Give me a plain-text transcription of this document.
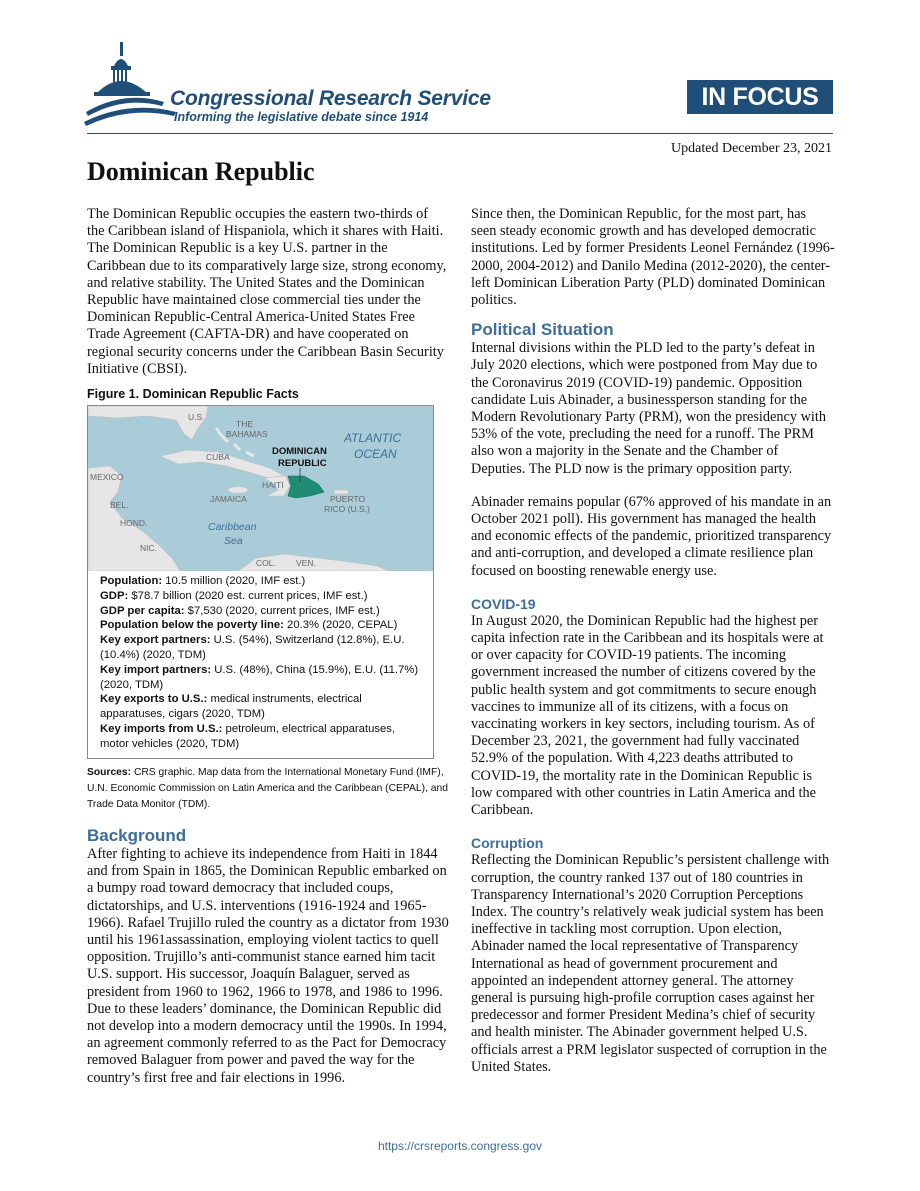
Congressional Research Service
Informing the legislative debate since 1914
IN FOCUS
Updated December 23, 2021
Dominican Republic

The Dominican Republic occupies the eastern two-thirds of the Caribbean island of Hispaniola, which it shares with Haiti. The Dominican Republic is a key U.S. partner in the Caribbean due to its comparatively large size, strong economy, and relative stability. The United States and the Dominican Republic have maintained close commercial ties under the Dominican Republic-Central America-United States Free Trade Agreement (CAFTA-DR) and have cooperated on regional security concerns under the Caribbean Basin Security Initiative (CBSI).

Figure 1. Dominican Republic Facts
U.S.
THE
BAHAMAS	ATLANTIC
OCEAN
DOMINICAN
REPUBLIC
CUBA
MEXICO
HAITI
JAMAICA	PUERTO
RICO (U.S.)
BEL.
HOND.
NIC.
Caribbean
Sea
COL. VEN.
Population: 10.5 million (2020, IMF est.)
GDP: $78.7 billion (2020 est. current prices, IMF est.)
GDP per capita: $7,530 (2020, current prices, IMF est.)
Population below the poverty line: 20.3% (2020, CEPAL)
Key export partners: U.S. (54%), Switzerland (12.8%), E.U. (10.4%) (2020, TDM)
Key import partners: U.S. (48%), China (15.9%), E.U. (11.7%) (2020, TDM)
Key exports to U.S.: medical instruments, electrical apparatuses, cigars (2020, TDM)
Key imports from U.S.: petroleum, electrical apparatuses, motor vehicles (2020, TDM)
Sources: CRS graphic. Map data from the International Monetary Fund (IMF), U.N. Economic Commission on Latin America and the Caribbean (CEPAL), and Trade Data Monitor (TDM).
Background

After fighting to achieve its independence from Haiti in 1844 and from Spain in 1865, the Dominican Republic embarked on a bumpy road toward democracy that included coups, dictatorships, and U.S. interventions (1916-1924 and 1965-1966). Rafael Trujillo ruled the country as a dictator from 1930 until his 1961assassination, employing violent tactics to quell opposition. Trujillo’s anti-communist stance earned him tacit U.S. support. His successor, Joaquín Balaguer, served as president from 1960 to 1962, 1966 to 1978, and 1986 to 1996. Due to these leaders’ dominance, the Dominican Republic did not develop into a modern democracy until the 1990s. In 1994, an agreement commonly referred to as the Pact for Democracy removed Balaguer from power and paved the way for the country’s first free and fair elections in 1996.

Since then, the Dominican Republic, for the most part, has seen steady economic growth and has developed democratic institutions. Led by former Presidents Leonel Fernández (1996-2000, 2004-2012) and Danilo Medina (2012-2020), the center-left Dominican Liberation Party (PLD) dominated Dominican politics.

Political Situation

Internal divisions within the PLD led to the party’s defeat in July 2020 elections, which were postponed from May due to the Coronavirus 2019 (COVID-19) pandemic. Opposition candidate Luis Abinader, a businessperson standing for the Modern Revolutionary Party (PRM), won the presidency with 53% of the vote, precluding the need for a runoff. The PRM also won a majority in the Senate and the Chamber of Deputies. The PLD now is the primary opposition party.

Abinader remains popular (67% approved of his mandate in an October 2021 poll). His government has managed the health and economic effects of the pandemic, prioritized transparency and anti-corruption, and developed a climate resilience plan focused on boosting renewable energy use.

COVID-19

In August 2020, the Dominican Republic had the highest per capita infection rate in the Caribbean and its hospitals were at or over capacity for COVID-19 patients. The incoming government increased the number of citizens covered by the public health system and got commitments to secure enough vaccines to immunize all of its citizens, with a focus on vaccinating workers in key sectors, including tourism. As of December 23, 2021, the government had fully vaccinated 52.9% of the population. With 4,223 deaths attributed to COVID-19, the mortality rate in the Dominican Republic is low compared with other countries in Latin America and the Caribbean.

Corruption

Reflecting the Dominican Republic’s persistent challenge with corruption, the country ranked 137 out of 180 countries in Transparency International’s 2020 Corruption Perceptions Index. The country’s relatively weak judicial system has been ineffective in tackling most corruption. Upon election, Abinader named the local representative of Transparency International as head of government procurement and appointed an independent attorney general. The attorney general is pursuing high-profile corruption cases against her predecessor and former President Medina’s chief of security and health minister. The Abinader government helped U.S. officials arrest a PRM legislator suspected of corruption in the United States.

https://crsreports.congress.gov
